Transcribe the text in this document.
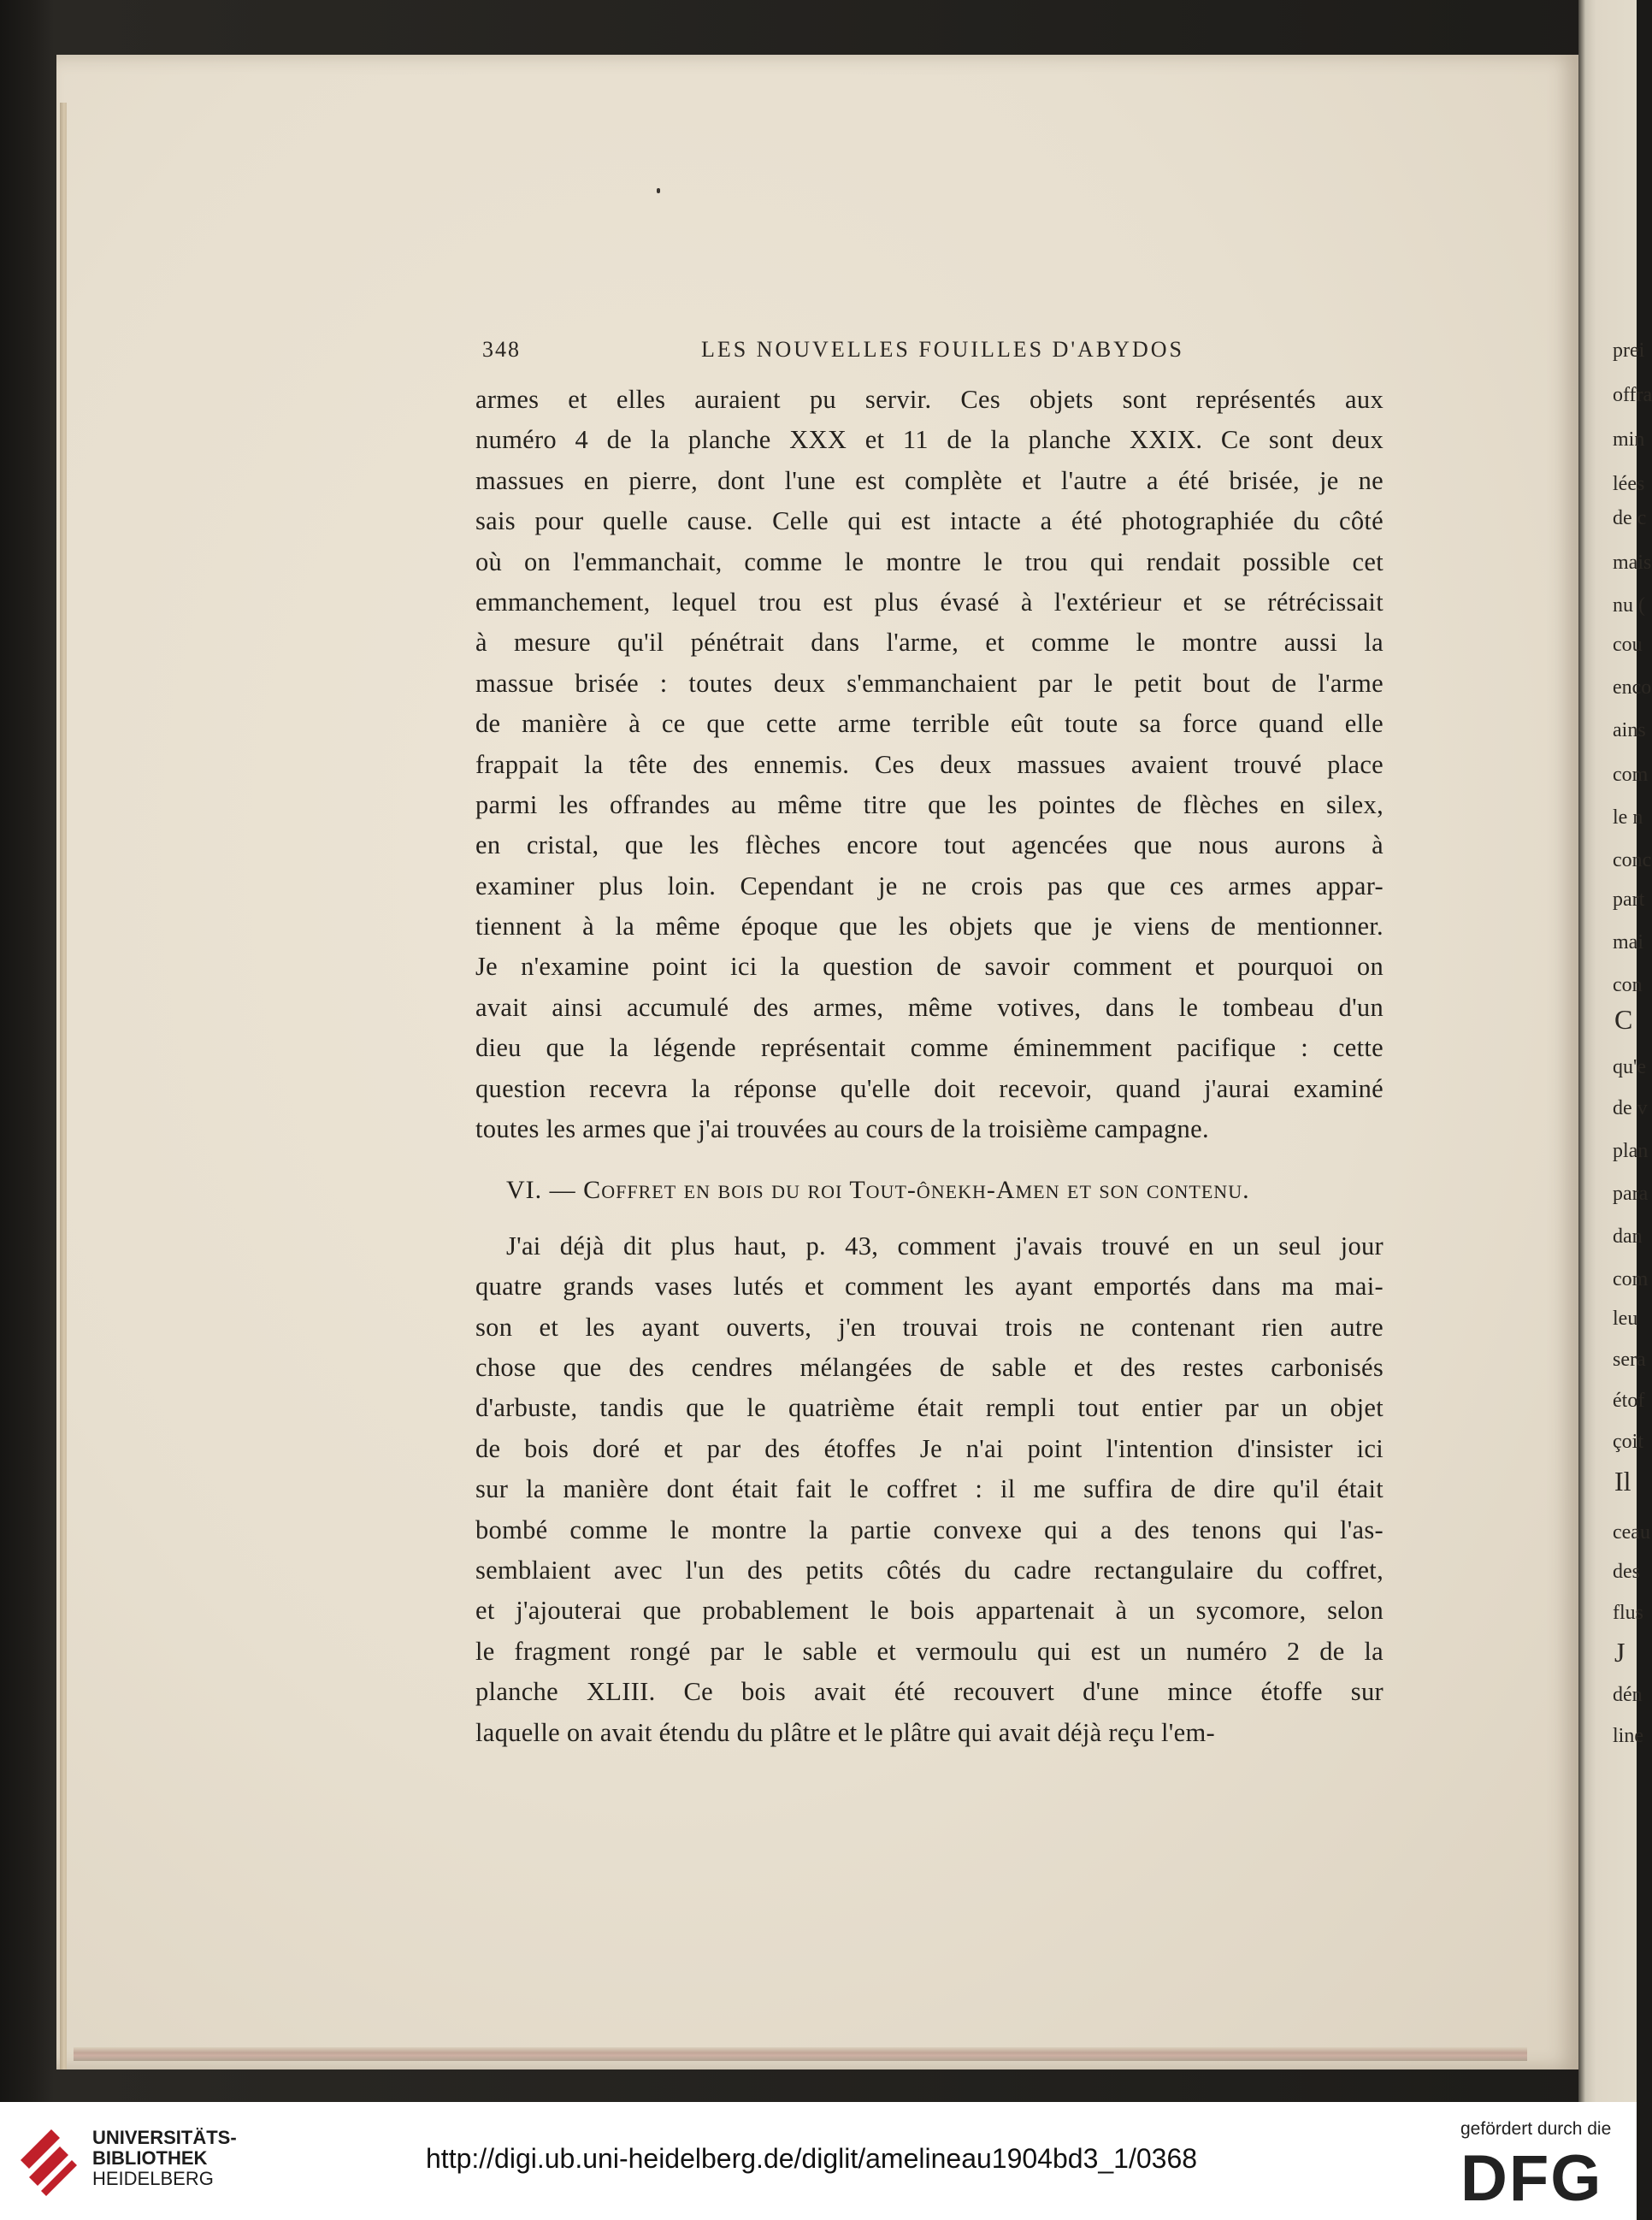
prei
offra
min
lées
de c
mais
nu (
cou
enco
ains
com
le n
conc
part
mai
con
C
qu'e
de v
plan
para
dan
com
leu
sera
étof
çoit
Il
ceau
des
flus
J
dén
line
348	LES NOUVELLES FOUILLES D'ABYDOS
armes et elles auraient pu servir. Ces objets sont représentés aux
numéro 4 de la planche XXX et 11 de la planche XXIX. Ce sont deux
massues en pierre, dont l'une est complète et l'autre a été brisée, je ne
sais pour quelle cause. Celle qui est intacte a été photographiée du côté
où on l'emmanchait, comme le montre le trou qui rendait possible cet
emmanchement, lequel trou est plus évasé à l'extérieur et se rétrécissait
à mesure qu'il pénétrait dans l'arme, et comme le montre aussi la
massue brisée : toutes deux s'emmanchaient par le petit bout de l'arme
de manière à ce que cette arme terrible eût toute sa force quand elle
frappait la tête des ennemis. Ces deux massues avaient trouvé place
parmi les offrandes au même titre que les pointes de flèches en silex,
en cristal, que les flèches encore tout agencées que nous aurons à
examiner plus loin. Cependant je ne crois pas que ces armes appar-
tiennent à la même époque que les objets que je viens de mentionner.
Je n'examine point ici la question de savoir comment et pourquoi on
avait ainsi accumulé des armes, même votives, dans le tombeau d'un
dieu que la légende représentait comme éminemment pacifique : cette
question recevra la réponse qu'elle doit recevoir, quand j'aurai examiné
toutes les armes que j'ai trouvées au cours de la troisième campagne.
VI. — COFFRET EN BOIS DU ROI TOUT-ÔNEKH-AMEN ET SON CONTENU.
J'ai déjà dit plus haut, p. 43, comment j'avais trouvé en un seul jour
quatre grands vases lutés et comment les ayant emportés dans ma mai-
son et les ayant ouverts, j'en trouvai trois ne contenant rien autre
chose que des cendres mélangées de sable et des restes carbonisés
d'arbuste, tandis que le quatrième était rempli tout entier par un objet
de bois doré et par des étoffes Je n'ai point l'intention d'insister ici
sur la manière dont était fait le coffret : il me suffira de dire qu'il était
bombé comme le montre la partie convexe qui a des tenons qui l'as-
semblaient avec l'un des petits côtés du cadre rectangulaire du coffret,
et j'ajouterai que probablement le bois appartenait à un sycomore, selon
le fragment rongé par le sable et vermoulu qui est un numéro 2 de la
planche XLIII. Ce bois avait été recouvert d'une mince étoffe sur
laquelle on avait étendu du plâtre et le plâtre qui avait déjà reçu l'em-
UNIVERSITÄTS-
BIBLIOTHEK
HEIDELBERG
http://digi.ub.uni-heidelberg.de/diglit/amelineau1904bd3_1/0368
gefördert durch die
DFG
